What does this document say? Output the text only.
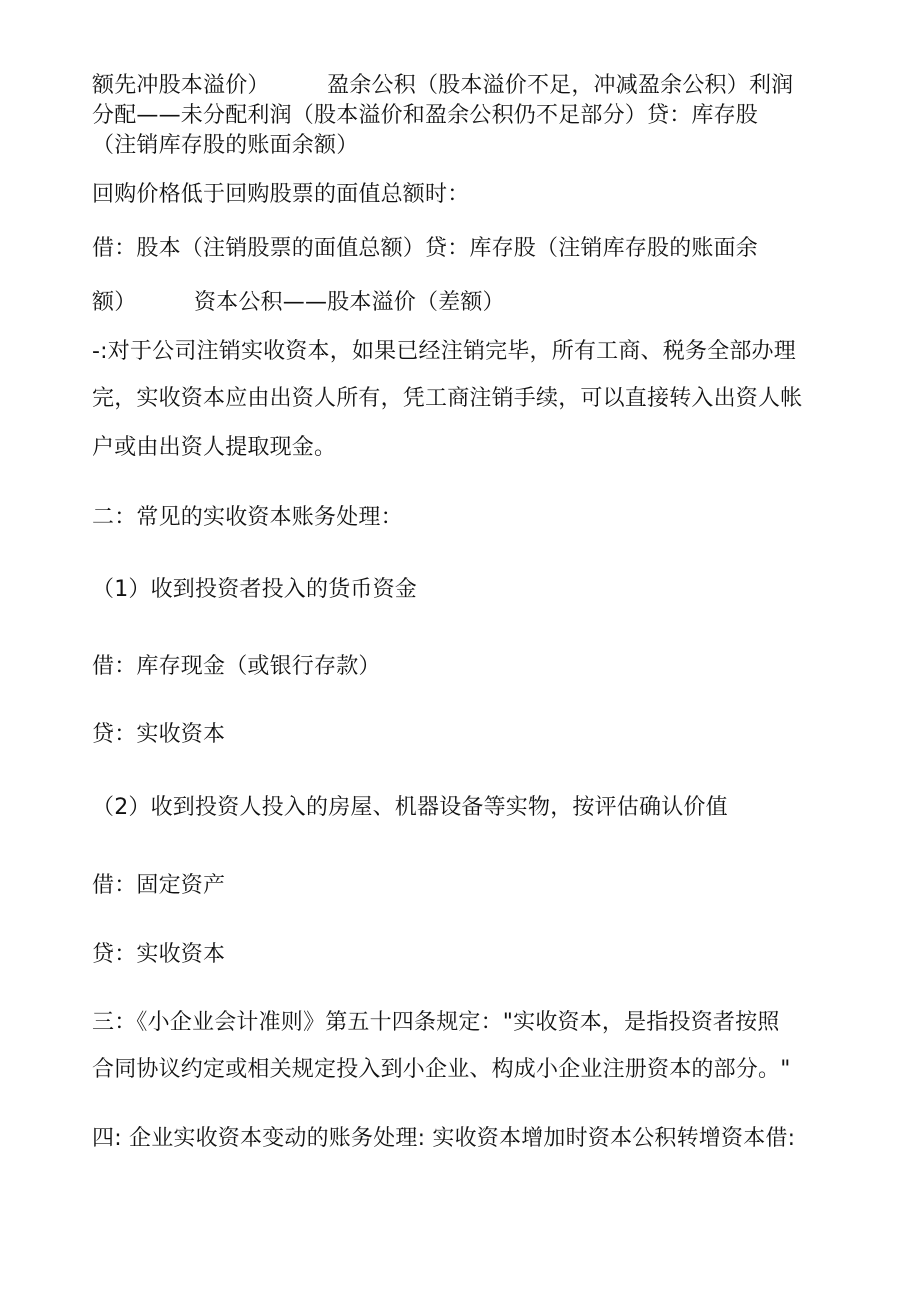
额先冲股本溢价）        盈余公积（股本溢价不足，冲减盈余公积）利润
分配——未分配利润（股本溢价和盈余公积仍不足部分）贷：库存股
（注销库存股的账面余额）
回购价格低于回购股票的面值总额时：
借：股本（注销股票的面值总额）贷：库存股（注销库存股的账面余
额）        资本公积——股本溢价（差额）
-:对于公司注销实收资本，如果已经注销完毕，所有工商、税务全部办理
完，实收资本应由出资人所有，凭工商注销手续，可以直接转入出资人帐
户或由出资人提取现金。
二：常见的实收资本账务处理：
（1）收到投资者投入的货币资金
借：库存现金（或银行存款）
贷：实收资本
（2）收到投资人投入的房屋、机器设备等实物，按评估确认价值
借：固定资产
贷：实收资本
三：《小企业会计准则》第五十四条规定："实收资本，是指投资者按照
合同协议约定或相关规定投入到小企业、构成小企业注册资本的部分。"
四: 企业实收资本变动的账务处理: 实收资本增加时资本公积转增资本借:
